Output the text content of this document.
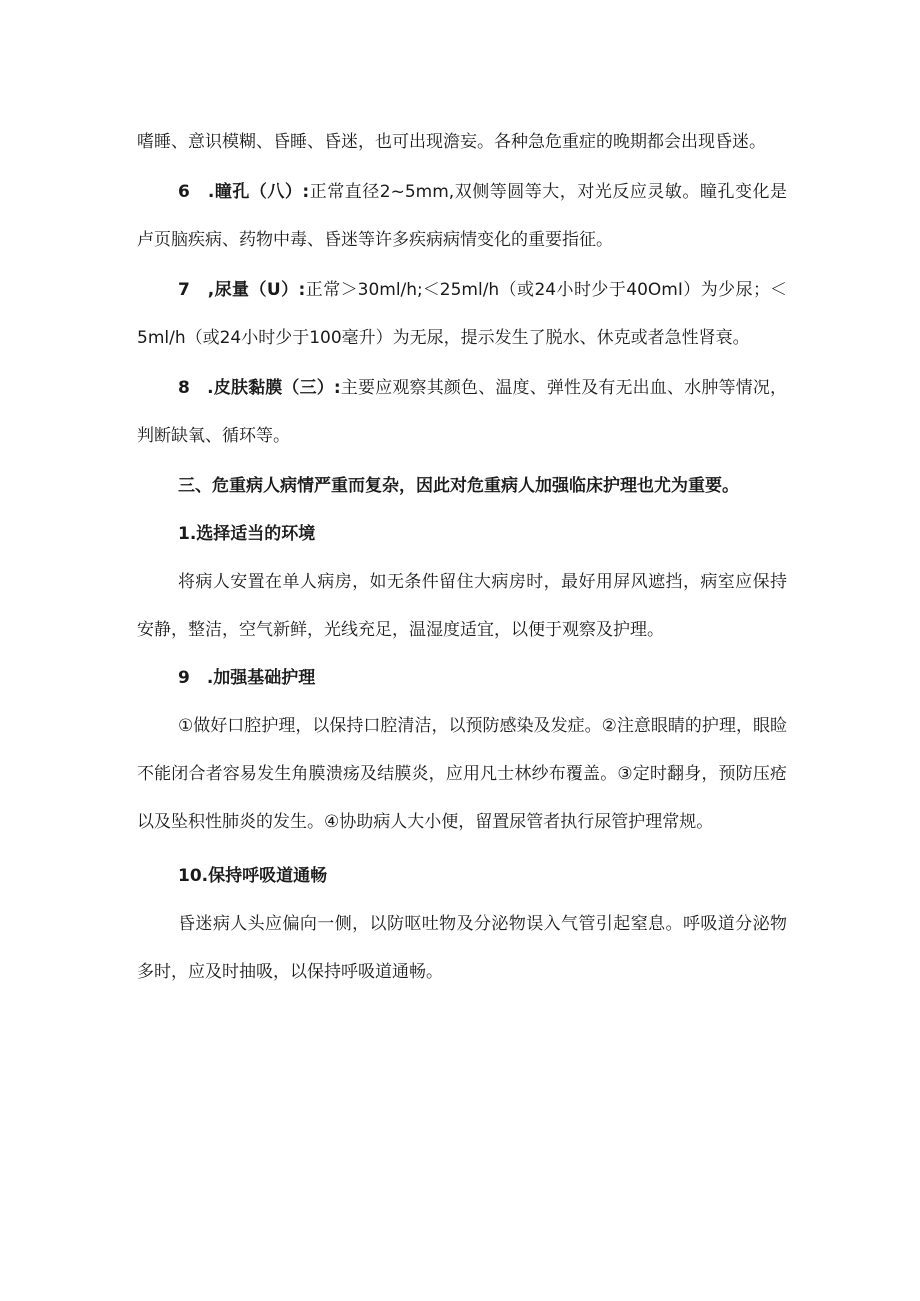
嗜睡、意识模糊、昏睡、昏迷，也可出现澹妄。各种急危重症的晚期都会出现昏迷。

6　.瞳孔（八）:正常直径2~5mm,双侧等圆等大，对光反应灵敏。瞳孔变化是卢页脑疾病、药物中毒、昏迷等许多疾病病情变化的重要指征。

7　,尿量（U）:正常＞30ml∕h;＜25ml∕h（或24小时少于40OmI）为少尿；＜5ml∕h（或24小时少于100毫升）为无尿，提示发生了脱水、休克或者急性肾衰。

8　.皮肤黏膜（三）:主要应观察其颜色、温度、弹性及有无出血、水肿等情况，判断缺氧、循环等。

三、危重病人病情严重而复杂，因此对危重病人加强临床护理也尤为重要。

1.选择适当的环境

将病人安置在单人病房，如无条件留住大病房时，最好用屏风遮挡，病室应保持安静，整洁，空气新鲜，光线充足，温湿度适宜，以便于观察及护理。

9　.加强基础护理

①做好口腔护理，以保持口腔清洁，以预防感染及发症。②注意眼睛的护理，眼睑不能闭合者容易发生角膜溃疡及结膜炎，应用凡士林纱布覆盖。③定时翻身，预防压疮以及坠积性肺炎的发生。④协助病人大小便，留置尿管者执行尿管护理常规。

10.保持呼吸道通畅

昏迷病人头应偏向一侧，以防呕吐物及分泌物误入气管引起窒息。呼吸道分泌物多时，应及时抽吸，以保持呼吸道通畅。
